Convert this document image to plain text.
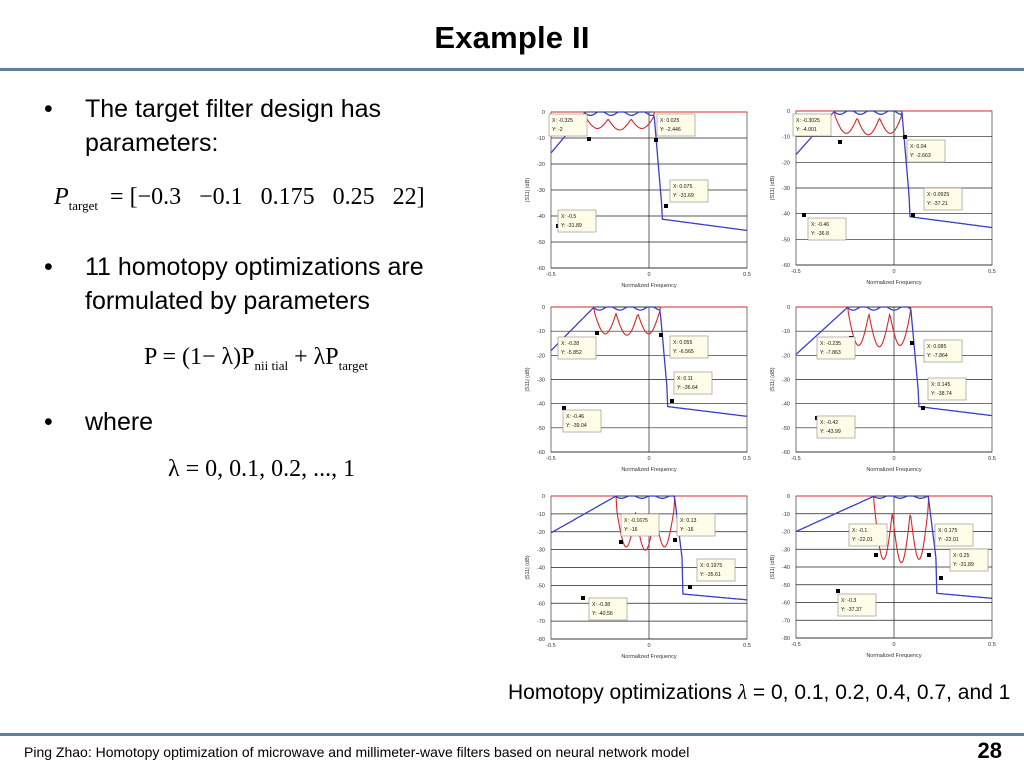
Example II
• The target filter design has parameters:
$P_{target} = [-0.3 -0.1$   0.175   0.25   22]
• 11 homotopy optimizations are formulated by parameters
$P = (1- \lambda)P_{nii tial} + \lambda P_{target}$
• where
λ = 0, 0.1, 0.2, ..., 1
0
-10
-20
-30
-40
-50
-60
-0.5	0	0.5
Normalized Frequency
|S11| (dB)
X: -0.325
Y: -2
X: 0.025
Y: -2.446
X: 0.075
Y: -31.69
X: -0.5
Y: -31.89
0
-10
-20
-30
-40
-50
-60
-0.5	0	0.5
Normalized Frequency
|S11| (dB)
X: -0.3025
Y: -4.001
X: 0.04
Y: -2.663
X: 0.0925
Y: -37.21
X: -0.46
Y: -36.8
0
-10
-20
-30
-40
-50
-60
-0.5	0	0.5
Normalized Frequency
|S11| (dB)
X: -0.28
Y: -5.852
X: 0.055
Y: -6.565
X: 0.11
Y: -36.64
X: -0.46
Y: -39.04
0
-10
-20
-30
-40
-50
-60
-0.5	0	0.5
Normalized Frequency
|S11| (dB)
X: -0.235
Y: -7.863
X: 0.085
Y: -7.864
X: 0.145
Y: -38.74
X: -0.42
Y: -43.99
0
-10
-20
-30
-40
-50
-60
-70
-80
-0.5	0	0.5
Normalized Frequency
|S11| (dB)
X: -0.1675
Y: -16
X: 0.13
Y: -16
X: 0.1975
Y: -35.61
X: -0.38
Y: -40.56
0
-10
-20
-30
-40
-50
-60
-70
-80
-0.5	0	0.5
Normalized Frequency
|S11| (dB)
X: -0.1
Y: -22.01
X: 0.175
Y: -22.01
X: 0.25
Y: -31.89
X: -0.3
Y: -37.37
Homotopy optimizations λ = 0, 0.1, 0.2, 0.4, 0.7, and 1
Ping Zhao: Homotopy optimization of microwave and millimeter-wave filters based on neural network model	28
